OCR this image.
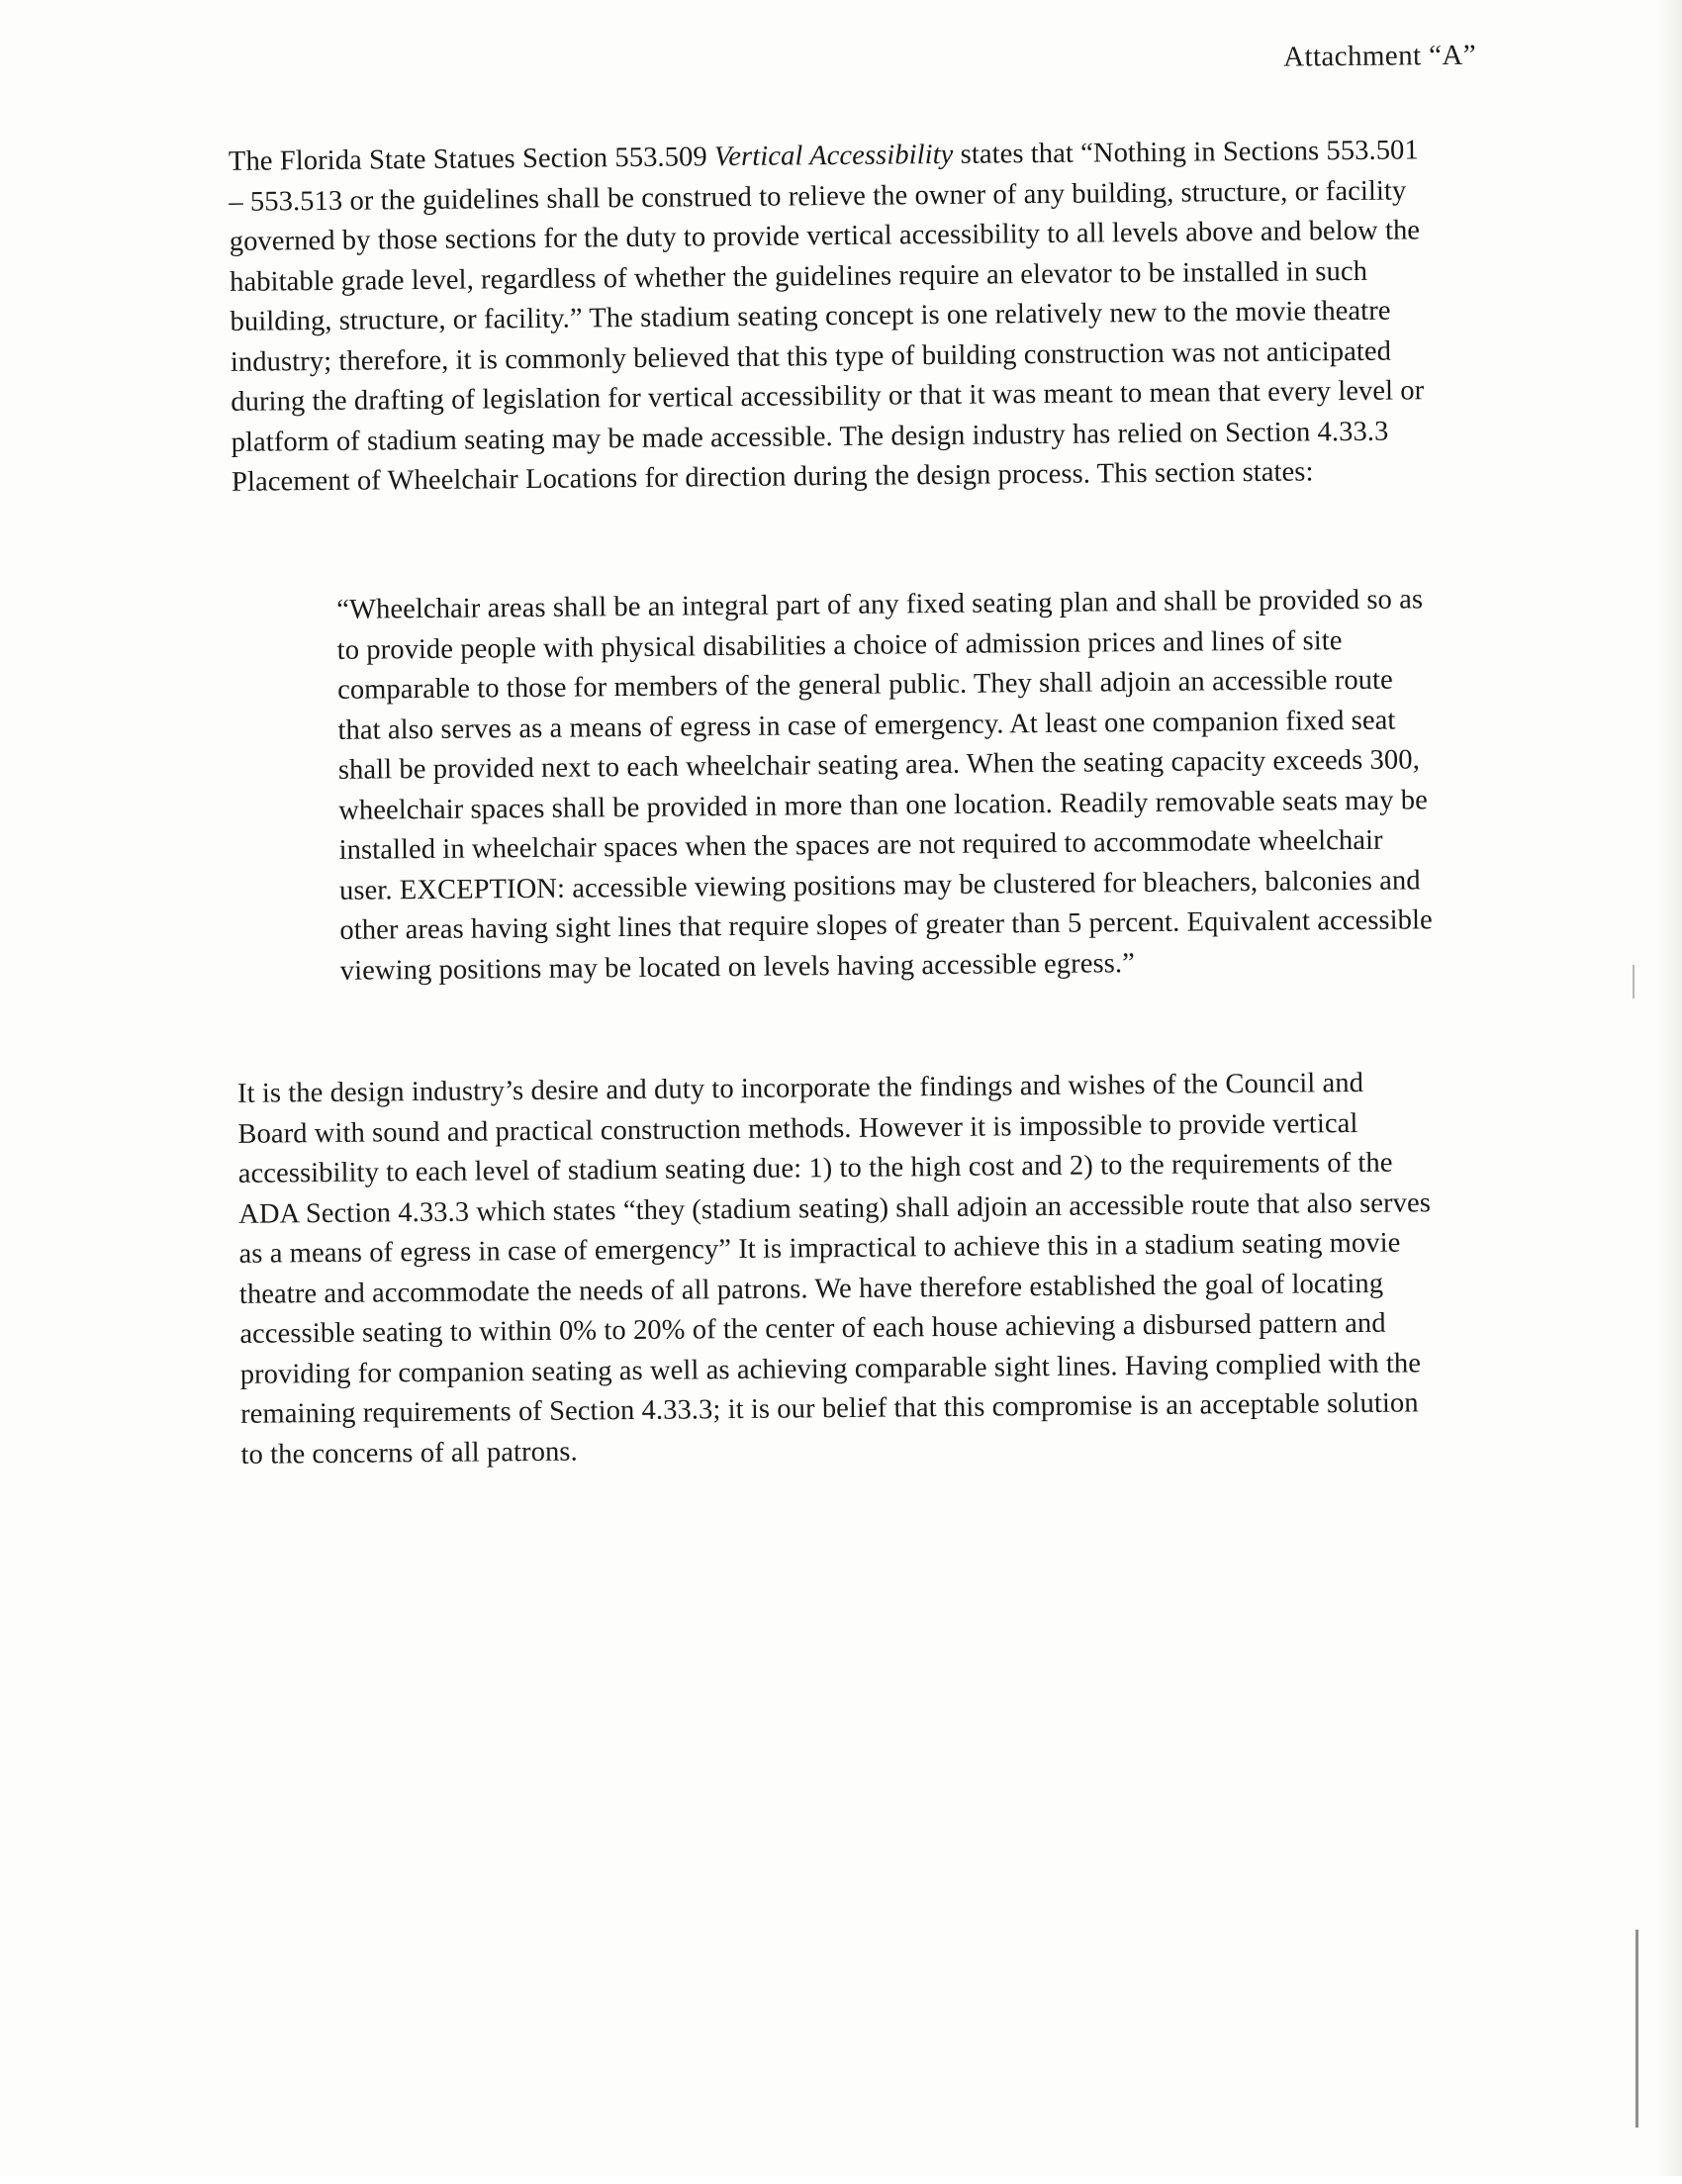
Attachment “A”
The Florida State Statues Section 553.509 Vertical Accessibility states that “Nothing in Sections 553.501 – 553.513 or the guidelines shall be construed to relieve the owner of any building, structure, or facility governed by those sections for the duty to provide vertical accessibility to all levels above and below the habitable grade level, regardless of whether the guidelines require an elevator to be installed in such building, structure, or facility.” The stadium seating concept is one relatively new to the movie theatre industry; therefore, it is commonly believed that this type of building construction was not anticipated during the drafting of legislation for vertical accessibility or that it was meant to mean that every level or platform of stadium seating may be made accessible. The design industry has relied on Section 4.33.3 Placement of Wheelchair Locations for direction during the design process. This section states:
“Wheelchair areas shall be an integral part of any fixed seating plan and shall be provided so as to provide people with physical disabilities a choice of admission prices and lines of site comparable to those for members of the general public. They shall adjoin an accessible route that also serves as a means of egress in case of emergency. At least one companion fixed seat shall be provided next to each wheelchair seating area. When the seating capacity exceeds 300, wheelchair spaces shall be provided in more than one location. Readily removable seats may be installed in wheelchair spaces when the spaces are not required to accommodate wheelchair user. EXCEPTION: accessible viewing positions may be clustered for bleachers, balconies and other areas having sight lines that require slopes of greater than 5 percent. Equivalent accessible viewing positions may be located on levels having accessible egress.”
It is the design industry’s desire and duty to incorporate the findings and wishes of the Council and Board with sound and practical construction methods. However it is impossible to provide vertical accessibility to each level of stadium seating due: 1) to the high cost and 2) to the requirements of the ADA Section 4.33.3 which states “they (stadium seating) shall adjoin an accessible route that also serves as a means of egress in case of emergency” It is impractical to achieve this in a stadium seating movie theatre and accommodate the needs of all patrons. We have therefore established the goal of locating accessible seating to within 0% to 20% of the center of each house achieving a disbursed pattern and providing for companion seating as well as achieving comparable sight lines. Having complied with the remaining requirements of Section 4.33.3; it is our belief that this compromise is an acceptable solution to the concerns of all patrons.
